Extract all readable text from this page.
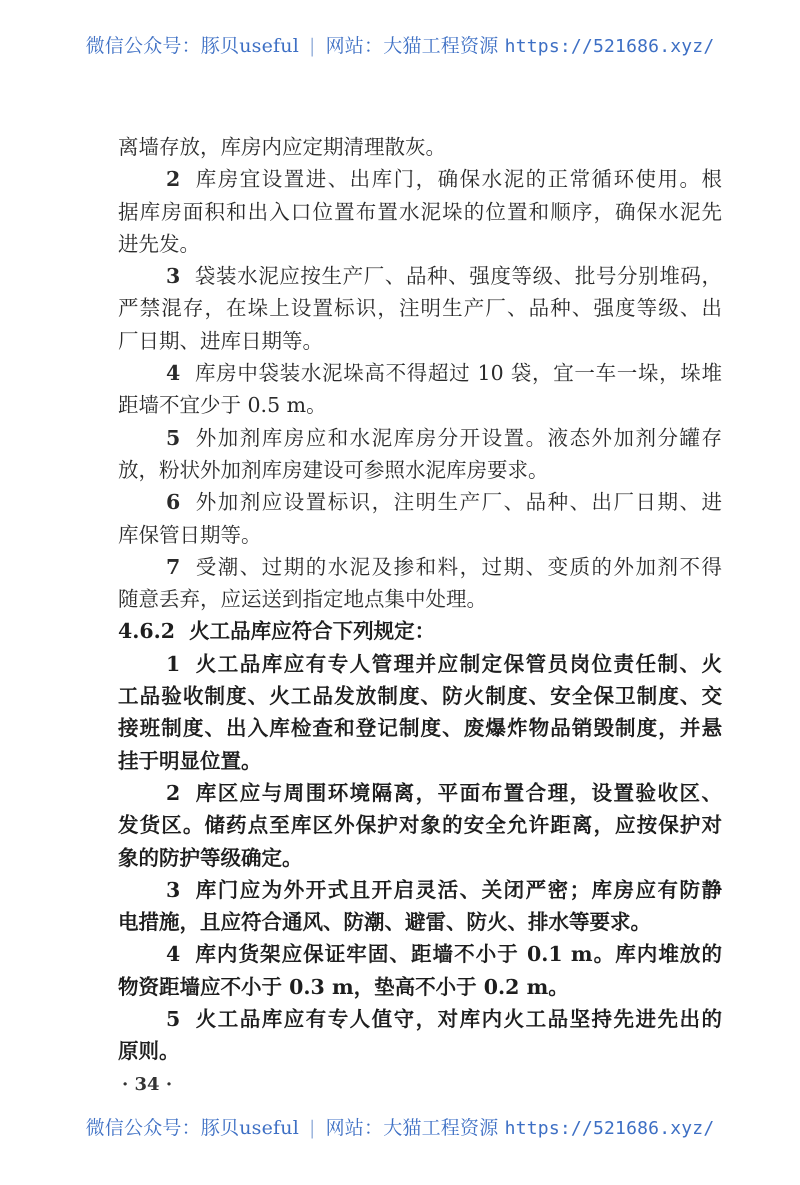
微信公众号：豚贝useful | 网站：大猫工程资源 https://521686.xyz/
离墙存放，库房内应定期清理散灰。
2 库房宜设置进、出库门，确保水泥的正常循环使用。根
据库房面积和出入口位置布置水泥垛的位置和顺序，确保水泥先
进先发。
3 袋装水泥应按生产厂、品种、强度等级、批号分别堆码，
严禁混存，在垛上设置标识，注明生产厂、品种、强度等级、出
厂日期、进库日期等。
4 库房中袋装水泥垛高不得超过 10 袋，宜一车一垛，垛堆
距墙不宜少于 0.5 m。
5 外加剂库房应和水泥库房分开设置。液态外加剂分罐存
放，粉状外加剂库房建设可参照水泥库房要求。
6 外加剂应设置标识，注明生产厂、品种、出厂日期、进
库保管日期等。
7 受潮、过期的水泥及掺和料，过期、变质的外加剂不得
随意丢弃，应运送到指定地点集中处理。
4.6.2 火工品库应符合下列规定：
1 火工品库应有专人管理并应制定保管员岗位责任制、火
工品验收制度、火工品发放制度、防火制度、安全保卫制度、交
接班制度、出入库检查和登记制度、废爆炸物品销毁制度，并悬
挂于明显位置。
2 库区应与周围环境隔离，平面布置合理，设置验收区、
发货区。储药点至库区外保护对象的安全允许距离，应按保护对
象的防护等级确定。
3 库门应为外开式且开启灵活、关闭严密；库房应有防静
电措施，且应符合通风、防潮、避雷、防火、排水等要求。
4 库内货架应保证牢固、距墙不小于 0.1 m。库内堆放的
物资距墙应不小于 0.3 m，垫高不小于 0.2 m。
5 火工品库应有专人值守，对库内火工品坚持先进先出的
原则。
· 34 ·
微信公众号：豚贝useful | 网站：大猫工程资源 https://521686.xyz/
